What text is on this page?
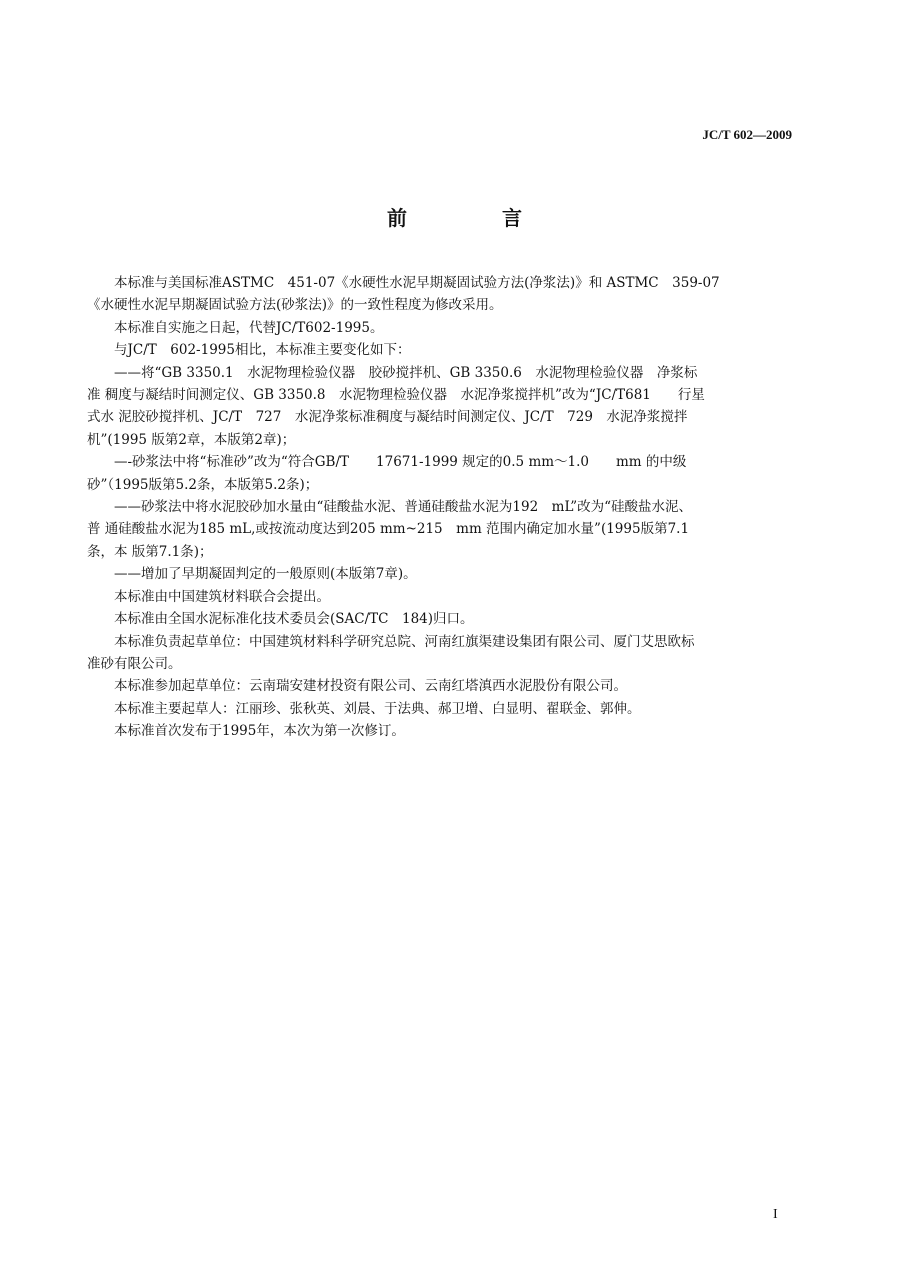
JC/T 602—2009
前 言
本标准与美国标准ASTMC　451-07《水硬性水泥早期凝固试验方法(净浆法)》和 ASTMC　359-07
《水硬性水泥早期凝固试验方法(砂浆法)》的一致性程度为修改采用。
本标准自实施之日起，代替JC/T602-1995。
与JC/T　602-1995相比，本标准主要变化如下：
——将“GB 3350.1　水泥物理检验仪器　胶砂搅拌机、GB 3350.6　水泥物理检验仪器　净浆标
准 稠度与凝结时间测定仪、GB 3350.8　水泥物理检验仪器　水泥净浆搅拌机”改为“JC/T681　　行星
式水 泥胶砂搅拌机、JC/T　727　水泥净浆标准稠度与凝结时间测定仪、JC/T　729　水泥净浆搅拌
机”(1995 版第2章，本版第2章)；
—-砂浆法中将“标准砂”改为“符合GB/T　　17671-1999 规定的0.5 mm～1.0　　mm 的中级
砂”（1995版第5.2条，本版第5.2条)；
——砂浆法中将水泥胶砂加水量由“硅酸盐水泥、普通硅酸盐水泥为192　mL”改为“硅酸盐水泥、
普 通硅酸盐水泥为185 mL,或按流动度达到205 mm~215　mm 范围内确定加水量”(1995版第7.1
条，本 版第7.1条)；
——增加了早期凝固判定的一般原则(本版第7章)。
本标准由中国建筑材料联合会提出。
本标准由全国水泥标准化技术委员会(SAC/TC　184)归口。
本标准负责起草单位：中国建筑材料科学研究总院、河南红旗渠建设集团有限公司、厦门艾思欧标
准砂有限公司。
本标准参加起草单位：云南瑞安建材投资有限公司、云南红塔滇西水泥股份有限公司。
本标准主要起草人：江丽珍、张秋英、刘晨、于法典、郝卫增、白显明、翟联金、郭伸。
本标准首次发布于1995年，本次为第一次修订。
I
